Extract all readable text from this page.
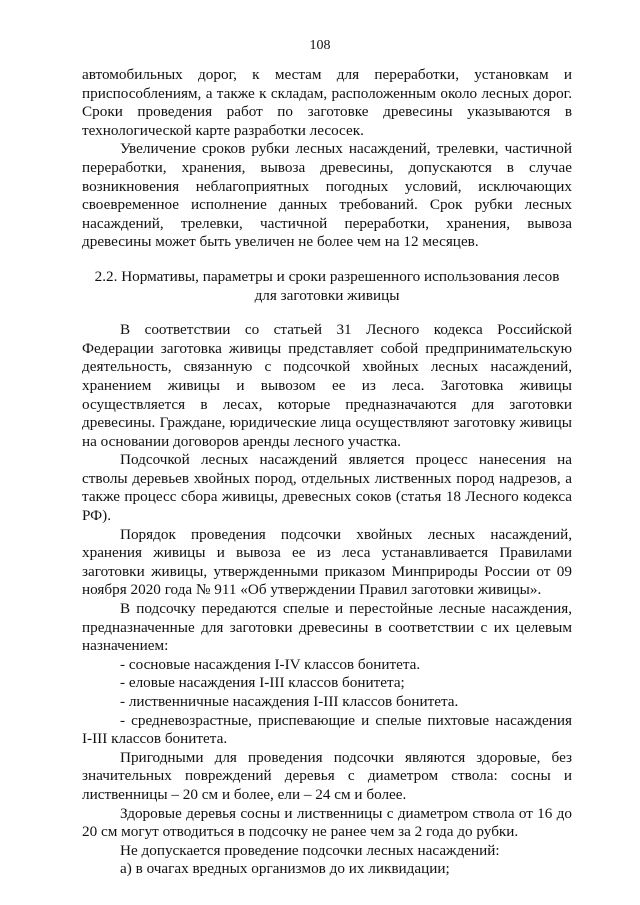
108

автомобильных дорог, к местам для переработки, установкам и приспособлениям, а также к складам, расположенным около лесных дорог. Сроки проведения работ по заготовке древесины указываются в технологической карте разработки лесосек.

Увеличение сроков рубки лесных насаждений, трелевки, частичной переработки, хранения, вывоза древесины, допускаются в случае возникновения неблагоприятных погодных условий, исключающих своевременное исполнение данных требований. Срок рубки лесных насаждений, трелевки, частичной переработки, хранения, вывоза древесины может быть увеличен не более чем на 12 месяцев.

2.2. Нормативы, параметры и сроки разрешенного использования лесов для заготовки живицы

В соответствии со статьей 31 Лесного кодекса Российской Федерации заготовка живицы представляет собой предпринимательскую деятельность, связанную с подсочкой хвойных лесных насаждений, хранением живицы и вывозом ее из леса. Заготовка живицы осуществляется в лесах, которые предназначаются для заготовки древесины. Граждане, юридические лица осуществляют заготовку живицы на основании договоров аренды лесного участка.

Подсочкой лесных насаждений является процесс нанесения на стволы деревьев хвойных пород, отдельных лиственных пород надрезов, а также процесс сбора живицы, древесных соков (статья 18 Лесного кодекса РФ).

Порядок проведения подсочки хвойных лесных насаждений, хранения живицы и вывоза ее из леса устанавливается Правилами заготовки живицы, утвержденными приказом Минприроды России от 09 ноября 2020 года № 911 «Об утверждении Правил заготовки живицы».

В подсочку передаются спелые и перестойные лесные насаждения, предназначенные для заготовки древесины в соответствии с их целевым назначением:

- сосновые насаждения I-IV классов бонитета.

- еловые насаждения I-III классов бонитета;

- лиственничные насаждения I-III классов бонитета.

- средневозрастные, приспевающие и спелые пихтовые насаждения I-III классов бонитета.

Пригодными для проведения подсочки являются здоровые, без значительных повреждений деревья с диаметром ствола: сосны и лиственницы – 20 см и более, ели – 24 см и более.

Здоровые деревья сосны и лиственницы с диаметром ствола от 16 до 20 см могут отводиться в подсочку не ранее чем за 2 года до рубки.

Не допускается проведение подсочки лесных насаждений:

а) в очагах вредных организмов до их ликвидации;
